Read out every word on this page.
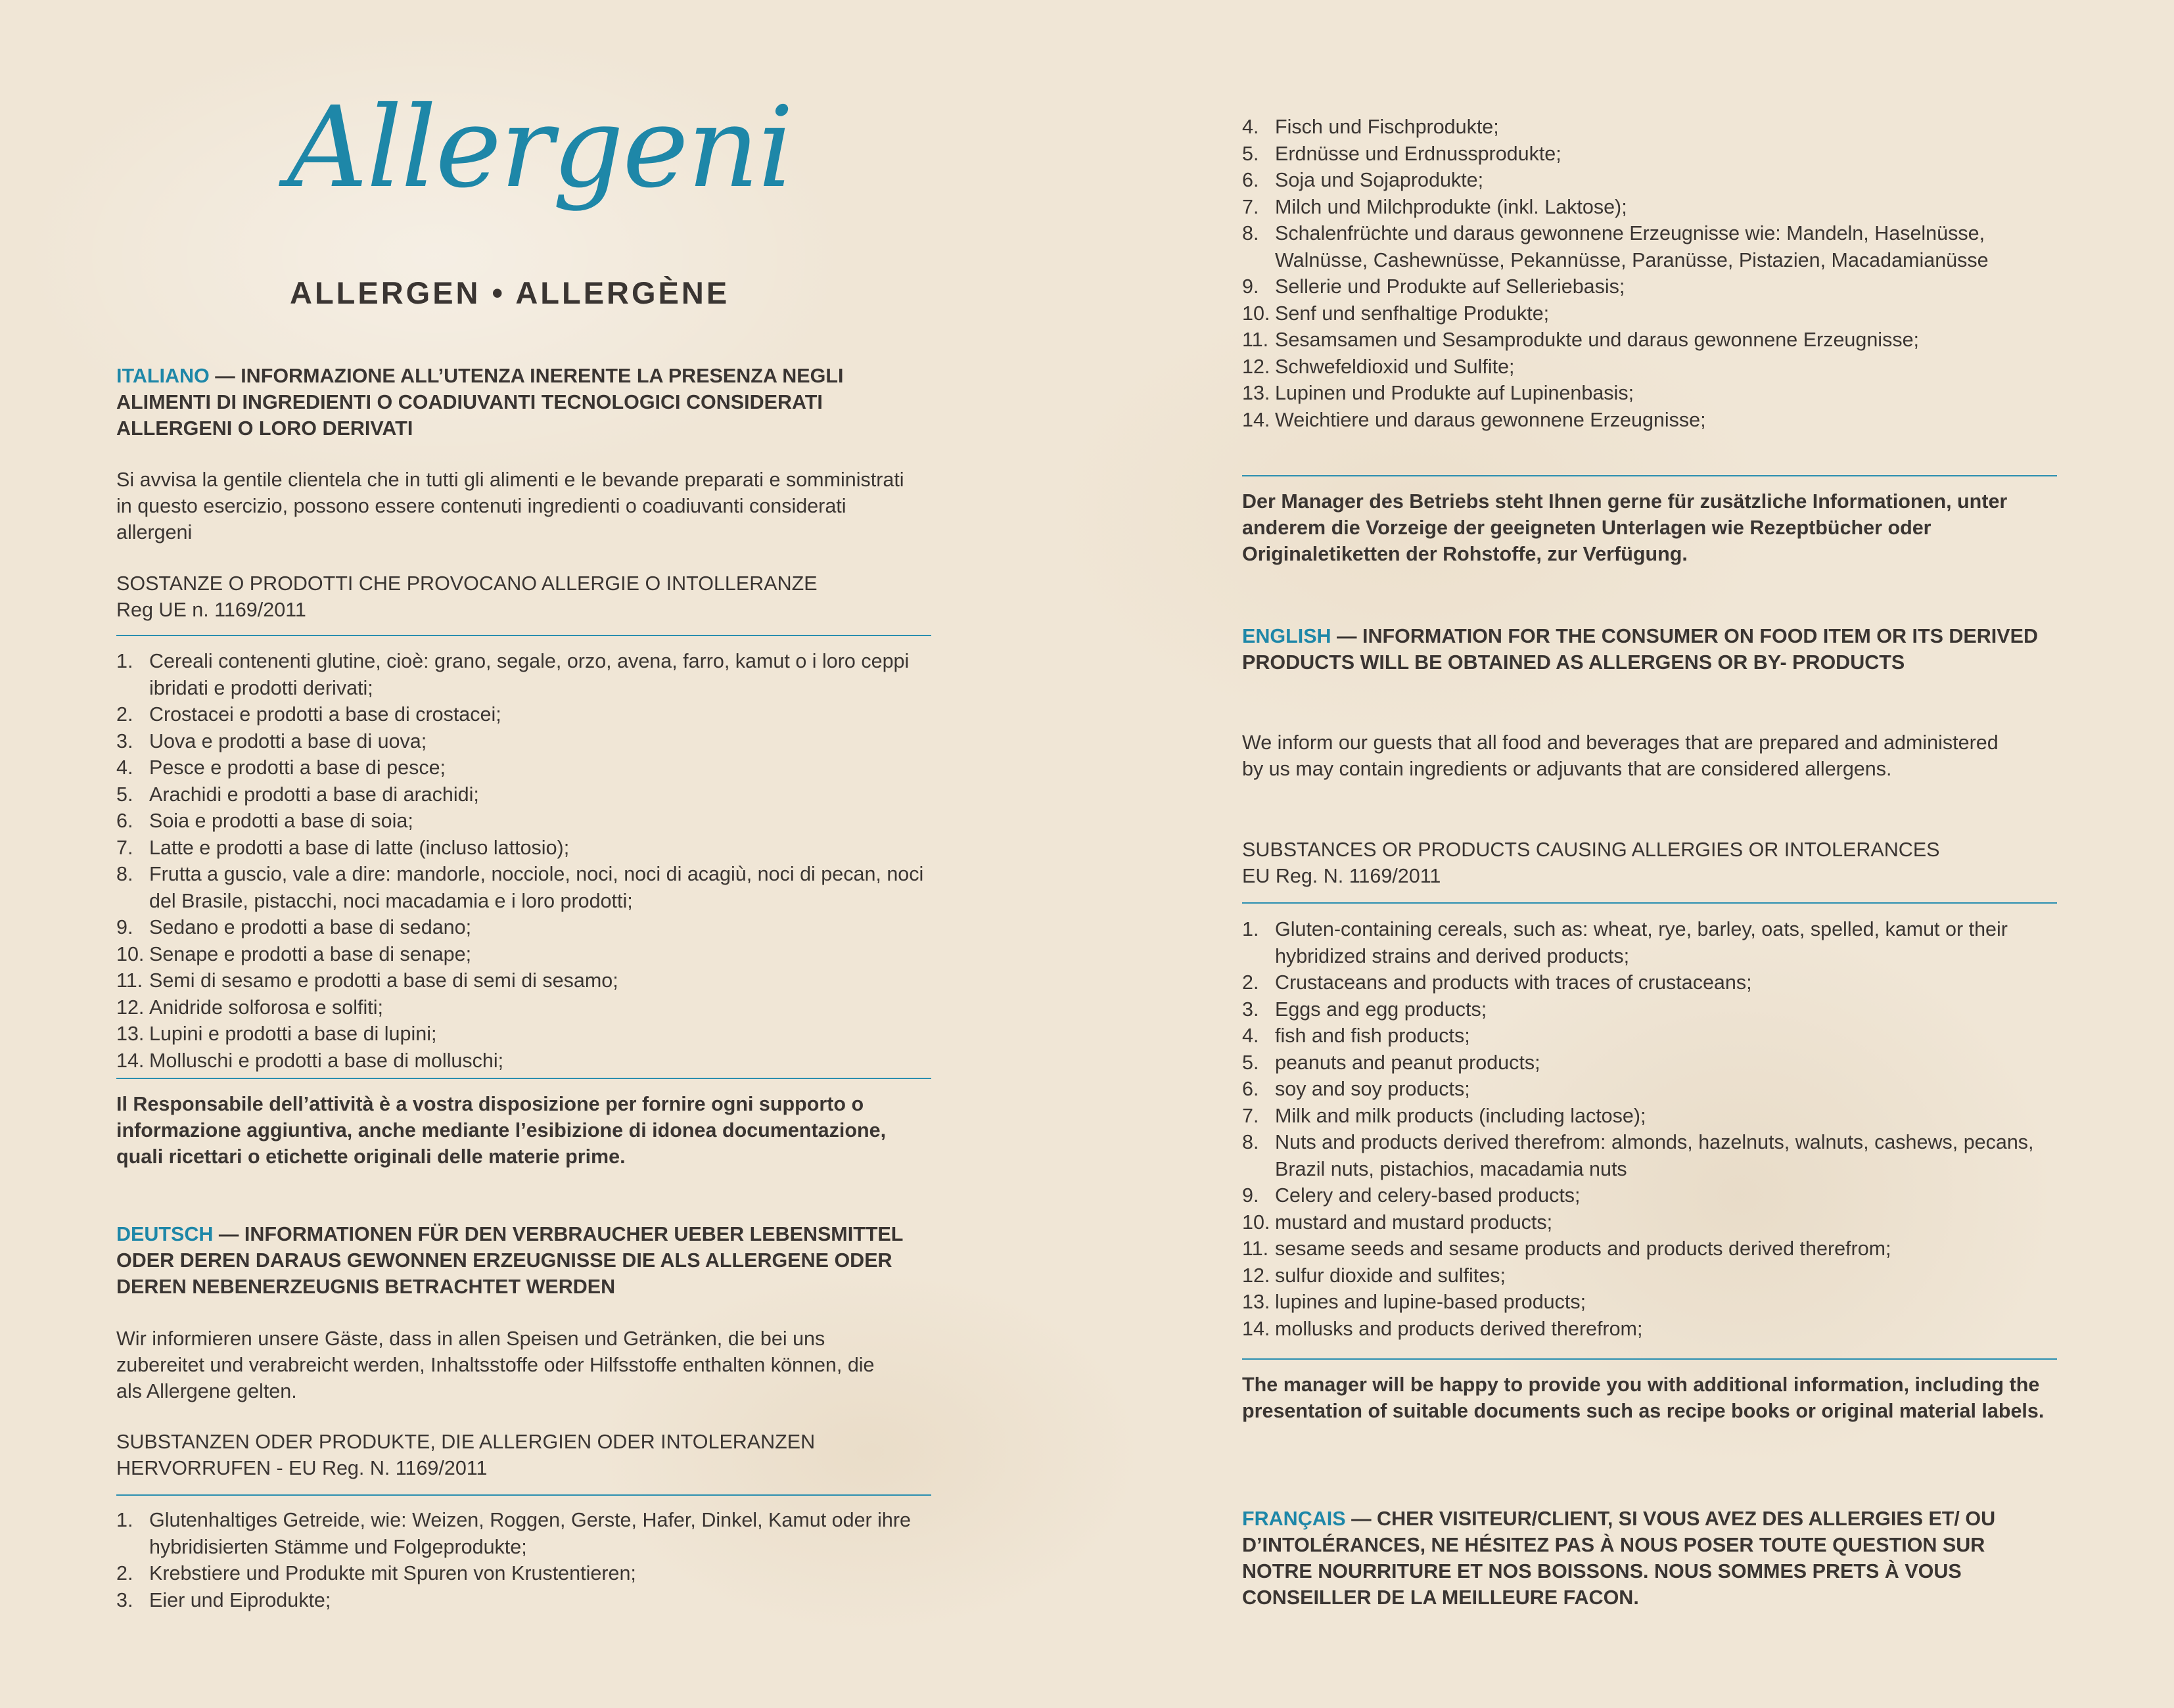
Allergeni
ALLERGEN • ALLERGÈNE

ITALIANO — INFORMAZIONE ALL’UTENZA INERENTE LA PRESENZA NEGLI ALIMENTI DI INGREDIENTI O COADIUVANTI TECNOLOGICI CONSIDERATI ALLERGENI O LORO DERIVATI

Si avvisa la gentile clientela che in tutti gli alimenti e le bevande preparati e somministrati in questo esercizio, possono essere contenuti ingredienti o coadiuvanti considerati allergeni

SOSTANZE O PRODOTTI CHE PROVOCANO ALLERGIE O INTOLLERANZE

Reg UE n. 1169/2011

1. Cereali contenenti glutine, cioè: grano, segale, orzo, avena, farro, kamut o i loro ceppi ibridati e prodotti derivati;
2. Crostacei e prodotti a base di crostacei;
3. Uova e prodotti a base di uova;
4. Pesce e prodotti a base di pesce;
5. Arachidi e prodotti a base di arachidi;
6. Soia e prodotti a base di soia;
7. Latte e prodotti a base di latte (incluso lattosio);
8. Frutta a guscio, vale a dire: mandorle, nocciole, noci, noci di acagiù, noci di pecan, noci del Brasile, pistacchi, noci macadamia e i loro prodotti;
9. Sedano e prodotti a base di sedano;
10. Senape e prodotti a base di senape;
11. Semi di sesamo e prodotti a base di semi di sesamo;
12. Anidride solforosa e solfiti;
13. Lupini e prodotti a base di lupini;
14. Molluschi e prodotti a base di molluschi;

Il Responsabile dell’attività è a vostra disposizione per fornire ogni supporto o informazione aggiuntiva, anche mediante l’esibizione di idonea documentazione, quali ricettari o etichette originali delle materie prime.

DEUTSCH — INFORMATIONEN FÜR DEN VERBRAUCHER UEBER LEBENSMITTEL ODER DEREN DARAUS GEWONNEN ERZEUGNISSE DIE ALS ALLERGENE ODER DEREN NEBENERZEUGNIS BETRACHTET WERDEN

Wir informieren unsere Gäste, dass in allen Speisen und Getränken, die bei uns zubereitet und verabreicht werden, Inhaltsstoffe oder Hilfsstoffe enthalten können, die als Allergene gelten.

SUBSTANZEN ODER PRODUKTE, DIE ALLERGIEN ODER INTOLERANZEN

HERVORRUFEN - EU Reg. N. 1169/2011

1. Glutenhaltiges Getreide, wie: Weizen, Roggen, Gerste, Hafer, Dinkel, Kamut oder ihre hybridisierten Stämme und Folgeprodukte;
2. Krebstiere und Produkte mit Spuren von Krustentieren;
3. Eier und Eiprodukte;
4. Fisch und Fischprodukte;
5. Erdnüsse und Erdnussprodukte;
6. Soja und Sojaprodukte;
7. Milch und Milchprodukte (inkl. Laktose);
8. Schalenfrüchte und daraus gewonnene Erzeugnisse wie: Mandeln, Haselnüsse, Walnüsse, Cashewnüsse, Pekannüsse, Paranüsse, Pistazien, Macadamianüsse
9. Sellerie und Produkte auf Selleriebasis;
10. Senf und senfhaltige Produkte;
11. Sesamsamen und Sesamprodukte und daraus gewonnene Erzeugnisse;
12. Schwefeldioxid und Sulfite;
13. Lupinen und Produkte auf Lupinenbasis;
14. Weichtiere und daraus gewonnene Erzeugnisse;

Der Manager des Betriebs steht Ihnen gerne für zusätzliche Informationen, unter anderem die Vorzeige der geeigneten Unterlagen wie Rezeptbücher oder Originaletiketten der Rohstoffe, zur Verfügung.

ENGLISH — INFORMATION FOR THE CONSUMER ON FOOD ITEM OR ITS DERIVED PRODUCTS WILL BE OBTAINED AS ALLERGENS OR BY- PRODUCTS

We inform our guests that all food and beverages that are prepared and administered by us may contain ingredients or adjuvants that are considered allergens.

SUBSTANCES OR PRODUCTS CAUSING ALLERGIES OR INTOLERANCES

EU Reg. N. 1169/2011

1. Gluten-containing cereals, such as: wheat, rye, barley, oats, spelled, kamut or their hybridized strains and derived products;
2. Crustaceans and products with traces of crustaceans;
3. Eggs and egg products;
4. fish and fish products;
5. peanuts and peanut products;
6. soy and soy products;
7. Milk and milk products (including lactose);
8. Nuts and products derived therefrom: almonds, hazelnuts, walnuts, cashews, pecans, Brazil nuts, pistachios, macadamia nuts
9. Celery and celery-based products;
10. mustard and mustard products;
11. sesame seeds and sesame products and products derived therefrom;
12. sulfur dioxide and sulfites;
13. lupines and lupine-based products;
14. mollusks and products derived therefrom;

The manager will be happy to provide you with additional information, including the presentation of suitable documents such as recipe books or original material labels.

FRANÇAIS — CHER VISITEUR/CLIENT, SI VOUS AVEZ DES ALLERGIES ET/ OU D’INTOLÉRANCES, NE HÉSITEZ PAS À NOUS POSER TOUTE QUESTION SUR NOTRE NOURRITURE ET NOS BOISSONS. NOUS SOMMES PRETS À VOUS CONSEILLER DE LA MEILLEURE FACON.
